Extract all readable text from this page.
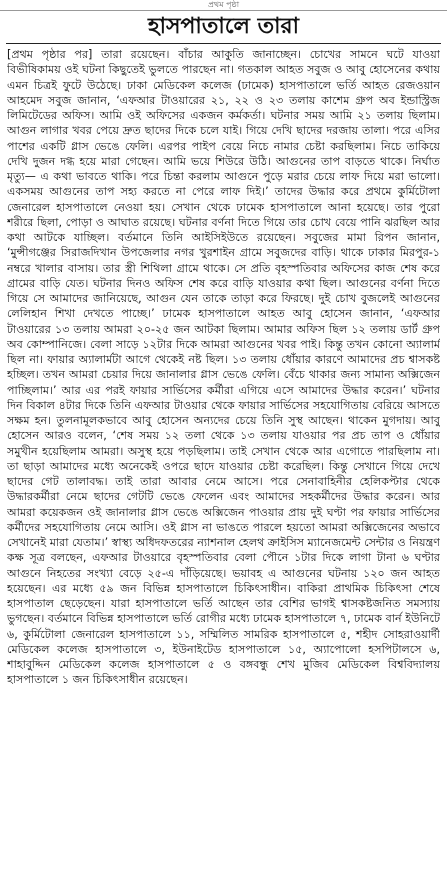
প্রথম পৃষ্ঠা
হাসপাতালে তারা

[প্রথম পৃষ্ঠার পর] তারা রয়েছেন। বাঁচার আকুতি জানাচ্ছেন। চোখের সামনে ঘটে যাওয়া বিভীষিকাময় ওই ঘটনা কিছুতেই ভুলতে পারছেন না। গতকাল আহত সবুজ ও আবু হোসেনের কথায় এমন চিত্রই ফুটে উঠেছে। ঢাকা মেডিকেল কলেজ (ঢামেক) হাসপাতালে ভর্তি আহত রেজওয়ান আহমেদ সবুজ জানান, ‘এফআর টাওয়ারের ২১, ২২ ও ২৩ তলায় কাশেম গ্রুপ অব ইন্ডাস্ট্রিজ লিমিটেডের অফিস। আমি ওই অফিসের একজন কর্মকর্তা। ঘটনার সময় আমি ২১ তলায় ছিলাম। আগুন লাগার খবর পেয়ে দ্রুত ছাদের দিকে চলে যাই। গিয়ে দেখি ছাদের দরজায় তালা। পরে এসির পাশের একটি গ্লাস ভেঙে ফেলি। এরপর পাইপ বেয়ে নিচে নামার চেষ্টা করছিলাম। নিচে তাকিয়ে দেখি দুজন দগ্ধ হয়ে মারা গেছেন। আমি ভয়ে শিউরে উঠি। আগুনের তাপ বাড়তে থাকে। নির্ঘাত মৃত্যু— এ কথা ভাবতে থাকি। পরে চিন্তা করলাম আগুনে পুড়ে মরার চেয়ে লাফ দিয়ে মরা ভালো। একসময় আগুনের তাপ সহ্য করতে না পেরে লাফ দিই।’ তাদের উদ্ধার করে প্রথমে কুর্মিটোলা জেনারেল হাসপাতালে নেওয়া হয়। সেখান থেকে ঢামেক হাসপাতালে আনা হয়েছে। তার পুরো শরীরে ছিলা, পোড়া ও আঘাত রয়েছে। ঘটনার বর্ণনা দিতে গিয়ে তার চোখ বেয়ে পানি ঝরছিল আর কথা আটকে যাচ্ছিল। বর্তমানে তিনি আইসিইউতে রয়েছেন। সবুজের মামা রিপন জানান, ‘মুন্সীগঞ্জের সিরাজদিখান উপজেলার নগর খুরশাইন গ্রামে সবুজদের বাড়ি। থাকে ঢাকার মিরপুর-১ নম্বরে খালার বাসায়। তার স্ত্রী শিথিলা গ্রামে থাকে। সে প্রতি বৃহস্পতিবার অফিসের কাজ শেষ করে গ্রামের বাড়ি যেত। ঘটনার দিনও অফিস শেষ করে বাড়ি যাওয়ার কথা ছিল। আগুনের বর্ণনা দিতে গিয়ে সে আমাদের জানিয়েছে, আগুন যেন তাকে তাড়া করে ফিরছে। দুই চোখ বুজলেই আগুনের লেলিহান শিখা দেখতে পাচ্ছে।’ ঢামেক হাসপাতালে আহত আবু হোসেন জানান, ‘এফআর টাওয়ারের ১৩ তলায় আমরা ২০-২৫ জন আটকা ছিলাম। আমার অফিস ছিল ১২ তলায় ডার্ট গ্রুপ অব কোম্পানিজে। বেলা সাড়ে ১২টার দিকে আমরা আগুনের খবর পাই। কিন্তু তখন কোনো অ্যালার্ম ছিল না। ফায়ার অ্যালার্মটা আগে থেকেই নষ্ট ছিল। ১৩ তলায় ধোঁয়ার কারণে আমাদের প্রচ শ্বাসকষ্ট হচ্ছিল। তখন আমরা চেয়ার দিয়ে জানালার গ্লাস ভেঙে ফেলি। বেঁচে থাকার জন্য সামান্য অক্সিজেন পাচ্ছিলাম।’ আর এর পরই ফায়ার সার্ভিসের কর্মীরা এগিয়ে এসে আমাদের উদ্ধার করেন।’ ঘটনার দিন বিকাল ৪টার দিকে তিনি এফআর টাওয়ার থেকে ফায়ার সার্ভিসের সহযোগিতায় বেরিয়ে আসতে সক্ষম হন। তুলনামূলকভাবে আবু হোসেন অন্যদের চেয়ে তিনি সুস্থ আছেন। থাকেন মুগদায়। আবু হোসেন আরও বলেন, ‘শেষ সময় ১২ তলা থেকে ১৩ তলায় যাওয়ার পর প্রচ তাপ ও ধোঁয়ার সমুখীন হয়েছিলাম আমরা। অসুস্থ হয়ে পড়ছিলাম। তাই সেখান থেকে আর এগোতে পারছিলাম না। তা ছাড়া আমাদের মধ্যে অনেকেই ওপরে ছাদে যাওয়ার চেষ্টা করেছিল। কিন্তু সেখানে গিয়ে দেখে ছাদের গেট তালাবদ্ধ। তাই তারা আবার নেমে আসে। পরে সেনাবাহিনীর হেলিকপ্টার থেকে উদ্ধারকর্মীরা নেমে ছাদের গেটটি ভেঙে ফেলেন এবং আমাদের সহকর্মীদের উদ্ধার করেন। আর আমরা কয়েকজন ওই জানালার গ্লাস ভেঙে অক্সিজেন পাওয়ার প্রায় দুই ঘণ্টা পর ফায়ার সার্ভিসের কর্মীদের সহযোগিতায় নেমে আসি। ওই গ্লাস না ভাঙতে পারলে হয়তো আমরা অক্সিজেনের অভাবে সেখানেই মারা যেতাম।’ স্বাস্থ্য অধিদফতরের ন্যাশনাল হেলথ ক্রাইসিস ম্যানেজমেন্ট সেন্টার ও নিয়ন্ত্রণ কক্ষ সূত্র বলছেন, এফআর টাওয়ারে বৃহস্পতিবার বেলা পৌনে ১টার দিকে লাগা টানা ৬ ঘণ্টার আগুনে নিহতের সংখ্যা বেড়ে ২৫-এ দাঁড়িয়েছে। ভয়াবহ এ আগুনের ঘটনায় ১২০ জন আহত হয়েছেন। এর মধ্যে ৫৯ জন বিভিন্ন হাসপাতালে চিকিৎসাধীন। বাকিরা প্রাথমিক চিকিৎসা শেষে হাসপাতাল ছেড়েছেন। যারা হাসপাতালে ভর্তি আছেন তার বেশির ভাগই শ্বাসকষ্টজনিত সমস্যায় ভুগছেন। বর্তমানে বিভিন্ন হাসপাতালে ভর্তি রোগীর মধ্যে ঢামেক হাসপাতালে ৭, ঢামেক বার্ন ইউনিটে ৬, কুর্মিটোলা জেনারেল হাসপাতালে ১১, সম্মিলিত সামরিক হাসপাতালে ৫, শহীদ সোহরাওয়ার্দী মেডিকেল কলেজ হাসপাতালে ৩, ইউনাইটেড হাসপাতালে ১৫, অ্যাপোলো হসপিটালসে ৬, শাহাবুদ্দিন মেডিকেল কলেজ হাসপাতালে ৫ ও বঙ্গবন্ধু শেখ মুজিব মেডিকেল বিশ্ববিদ্যালয় হাসপাতালে ১ জন চিকিৎসাধীন রয়েছেন।
